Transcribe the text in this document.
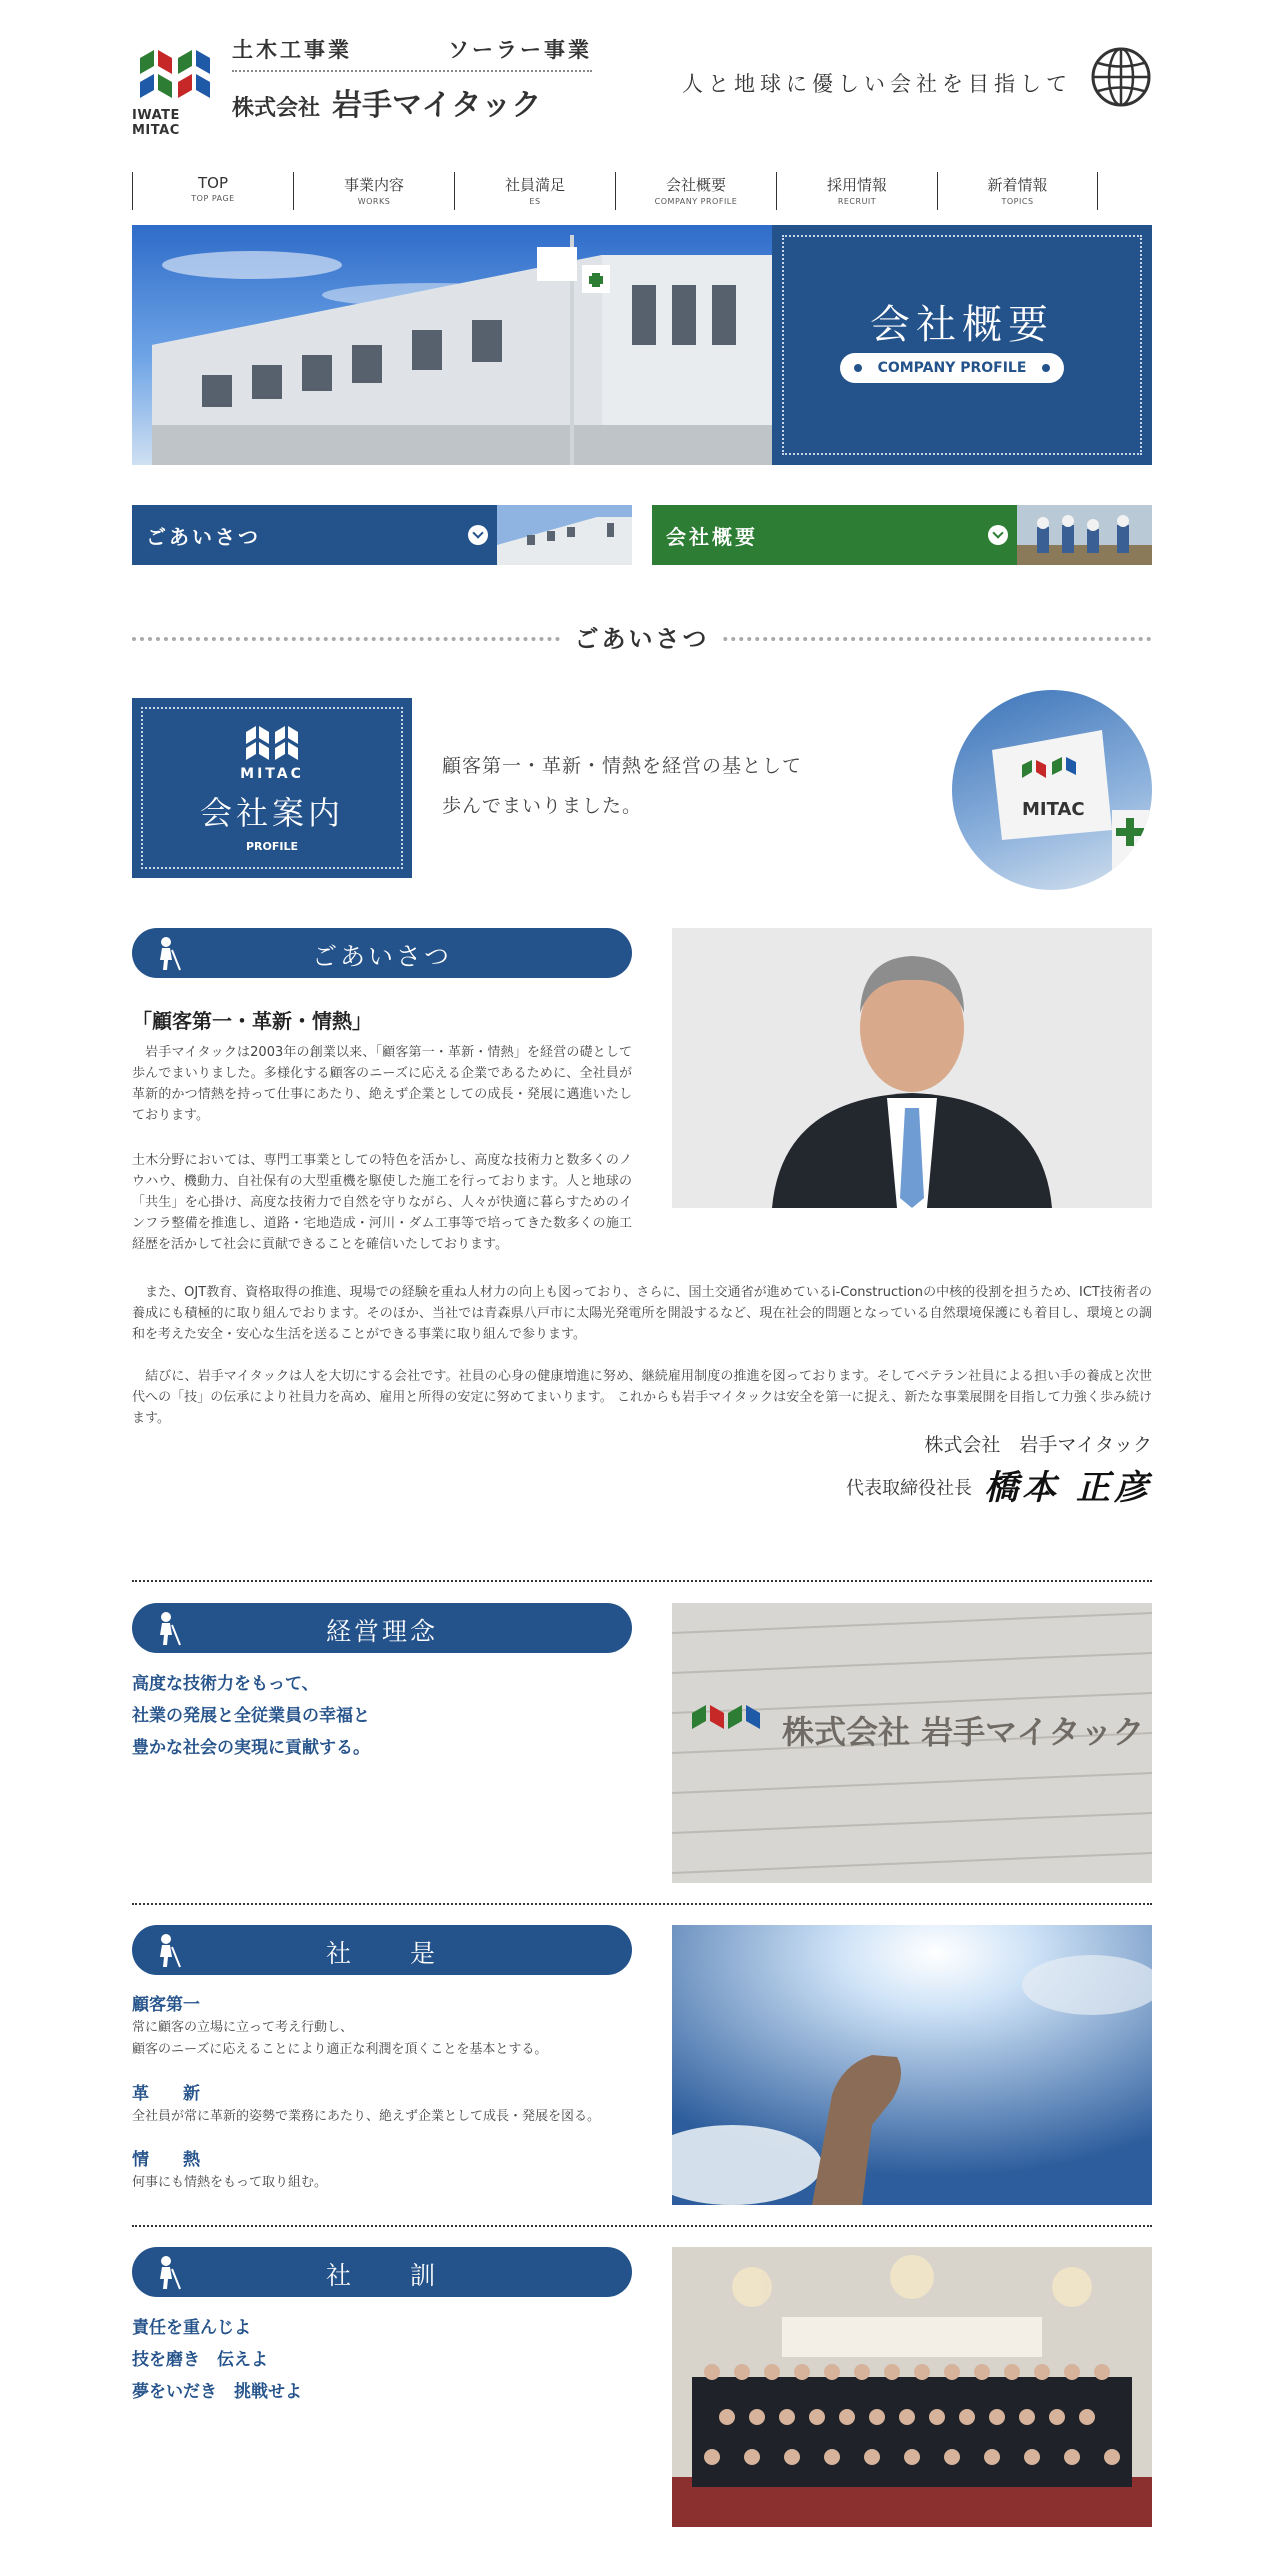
IWATE MITAC
土木工事業	ソーラー事業
株式会社 岩手マイタック
人と地球に優しい会社を目指して
TOP
TOP PAGE
事業内容
WORKS
社員満足
ES
会社概要
COMPANY PROFILE
採用情報
RECRUIT
新着情報
TOPICS
会社概要
COMPANY PROFILE
ごあいさつ	会社概要
ごあいさつ
MITAC
会社案内
PROFILE
顧客第一・革新・情熱を経営の基として
歩んでまいりました。	MITAC
ごあいさつ
「顧客第一・革新・情熱」
　岩手マイタックは2003年の創業以来、「顧客第一・革新・情熱」を経営の礎として歩んでまいりました。多様化する顧客のニーズに応える企業であるために、全社員が革新的かつ情熱を持って仕事にあたり、絶えず企業としての成長・発展に邁進いたしております。
土木分野においては、専門工事業としての特色を活かし、高度な技術力と数多くのノウハウ、機動力、自社保有の大型重機を駆使した施工を行っております。人と地球の「共生」を心掛け、高度な技術力で自然を守りながら、人々が快適に暮らすためのインフラ整備を推進し、道路・宅地造成・河川・ダム工事等で培ってきた数多くの施工経歴を活かして社会に貢献できることを確信いたしております。
　また、OJT教育、資格取得の推進、現場での経験を重ね人材力の向上も図っており、さらに、国土交通省が進めているi-Constructionの中核的役割を担うため、ICT技術者の養成にも積極的に取り組んでおります。そのほか、当社では青森県八戸市に太陽光発電所を開設するなど、現在社会的問題となっている自然環境保護にも着目し、環境との調和を考えた安全・安心な生活を送ることができる事業に取り組んで参ります。
　結びに、岩手マイタックは人を大切にする会社です。社員の心身の健康増進に努め、継続雇用制度の推進を図っております。そしてベテラン社員による担い手の養成と次世代への「技」の伝承により社員力を高め、雇用と所得の安定に努めてまいります。 これからも岩手マイタックは安全を第一に捉え、新たな事業展開を目指して力強く歩み続けます。
株式会社　岩手マイタック
代表取締役社長 橋本 正彦
経営理念
高度な技術力をもって、
社業の発展と全従業員の幸福と
豊かな社会の実現に貢献する。	株式会社 岩手マイタック
社　　是
顧客第一
常に顧客の立場に立って考え行動し、
顧客のニーズに応えることにより適正な利潤を頂くことを基本とする。
革　　新
全社員が常に革新的姿勢で業務にあたり、絶えず企業として成長・発展を図る。
情　　熱
何事にも情熱をもって取り組む。
社　　訓
責任を重んじよ
技を磨き　伝えよ
夢をいだき　挑戦せよ
